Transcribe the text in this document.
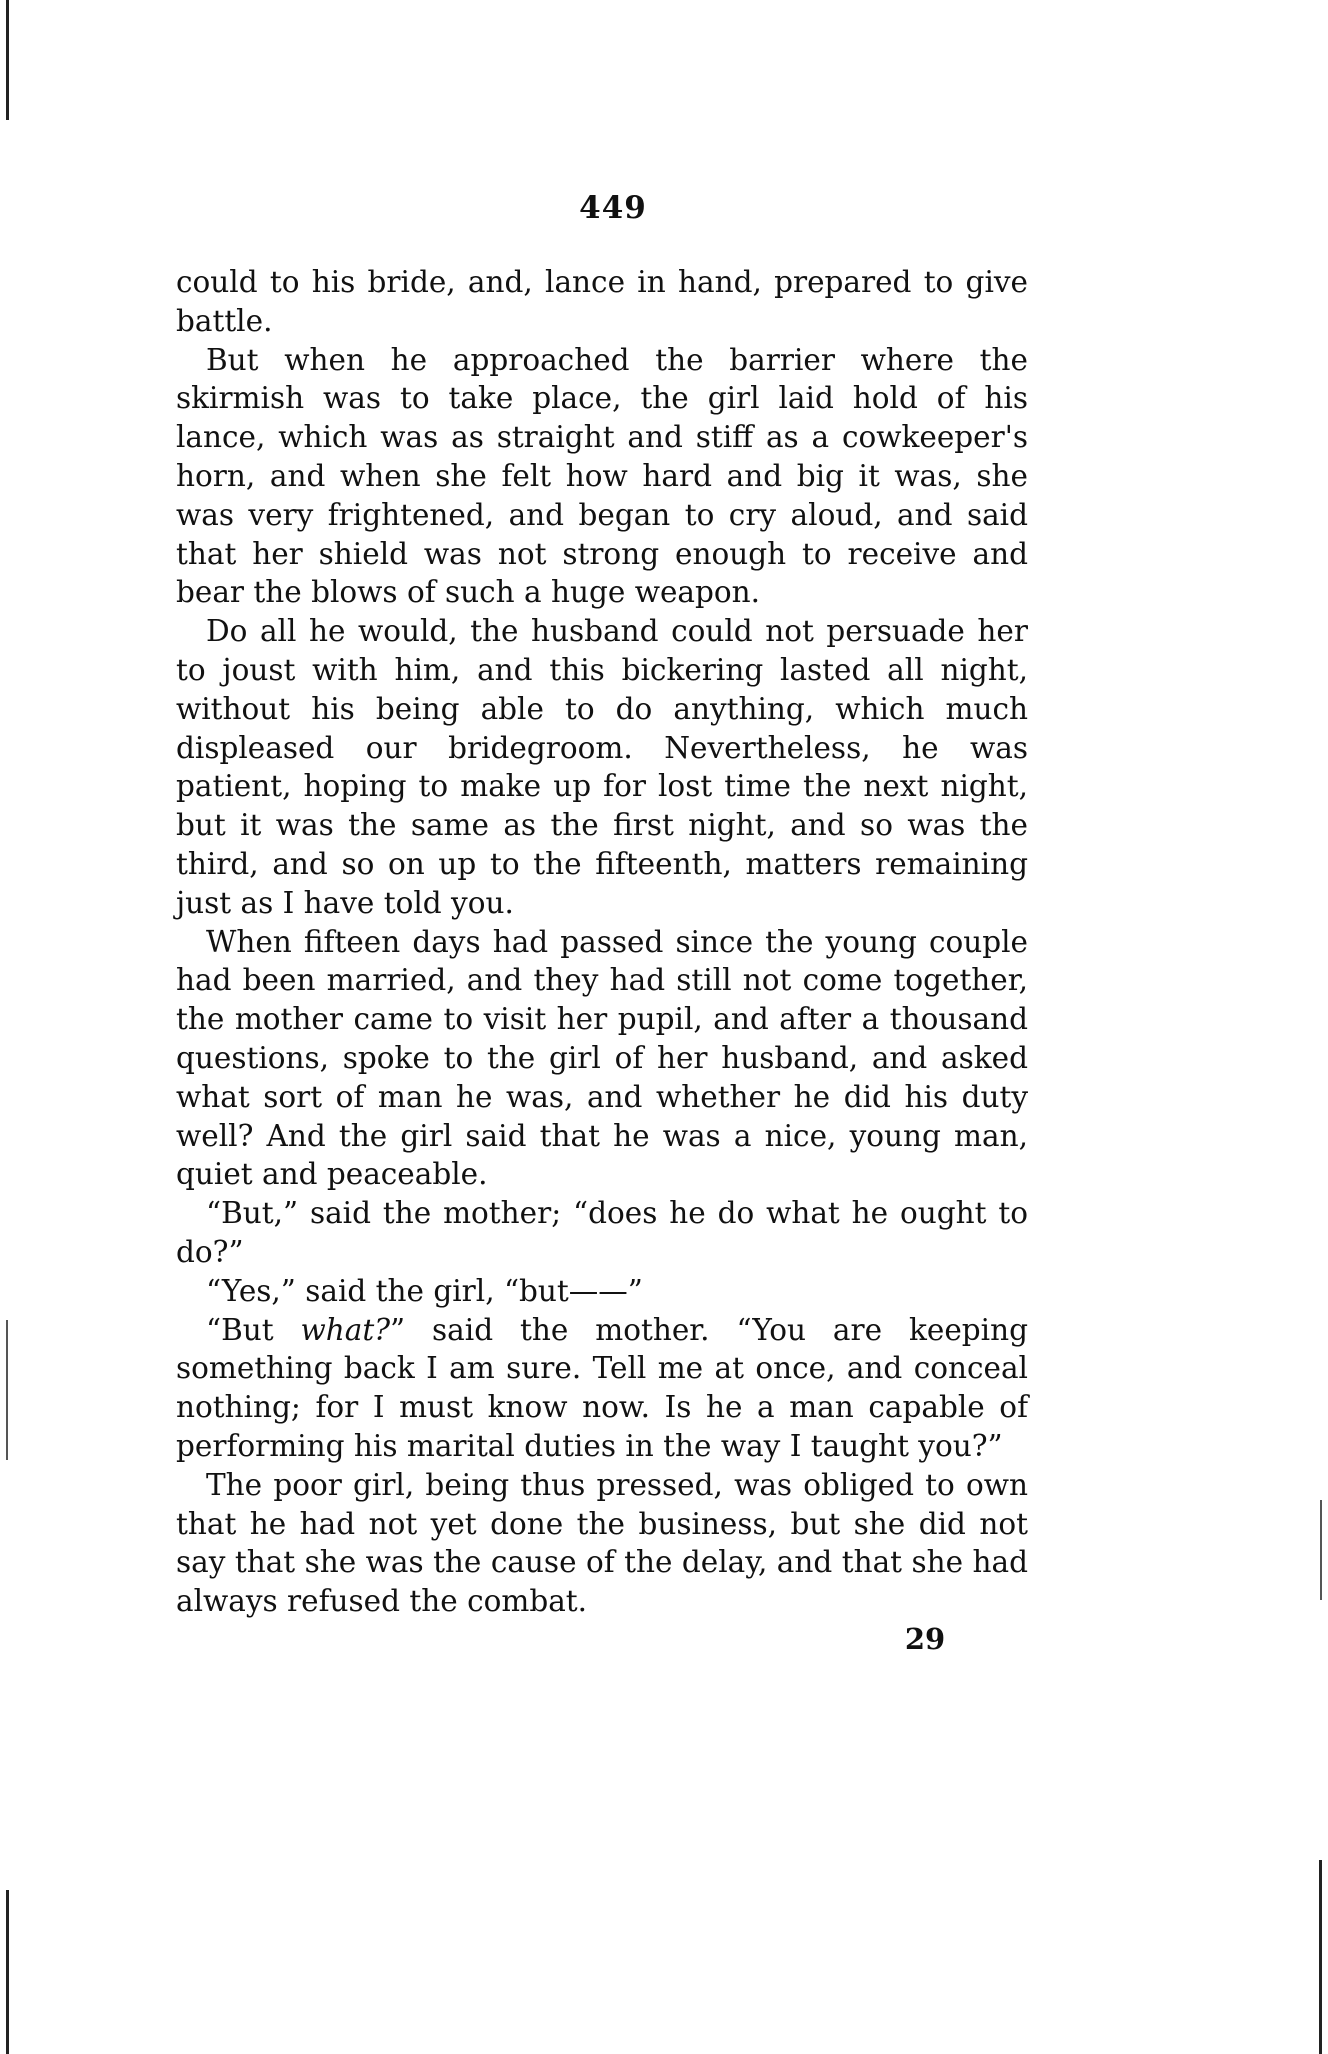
449

could to his bride, and, lance in hand, prepared to give battle.

But when he approached the barrier where the skirmish was to take place, the girl laid hold of his lance, which was as straight and stiff as a cowkeeper's horn, and when she felt how hard and big it was, she was very frightened, and began to cry aloud, and said that her shield was not strong enough to receive and bear the blows of such a huge weapon.

Do all he would, the husband could not persuade her to joust with him, and this bickering lasted all night, without his being able to do anything, which much displeased our bridegroom. Nevertheless, he was patient, hoping to make up for lost time the next night, but it was the same as the first night, and so was the third, and so on up to the fifteenth, matters remaining just as I have told you.

When fifteen days had passed since the young couple had been married, and they had still not come together, the mother came to visit her pupil, and after a thousand questions, spoke to the girl of her husband, and asked what sort of man he was, and whether he did his duty well? And the girl said that he was a nice, young man, quiet and peaceable.

“But,” said the mother; “does he do what he ought to do?”

“Yes,” said the girl, “but——”

“But what?” said the mother. “You are keeping something back I am sure. Tell me at once, and conceal nothing; for I must know now. Is he a man capable of performing his marital duties in the way I taught you?”

The poor girl, being thus pressed, was obliged to own that he had not yet done the business, but she did not say that she was the cause of the delay, and that she had always refused the combat.

29
